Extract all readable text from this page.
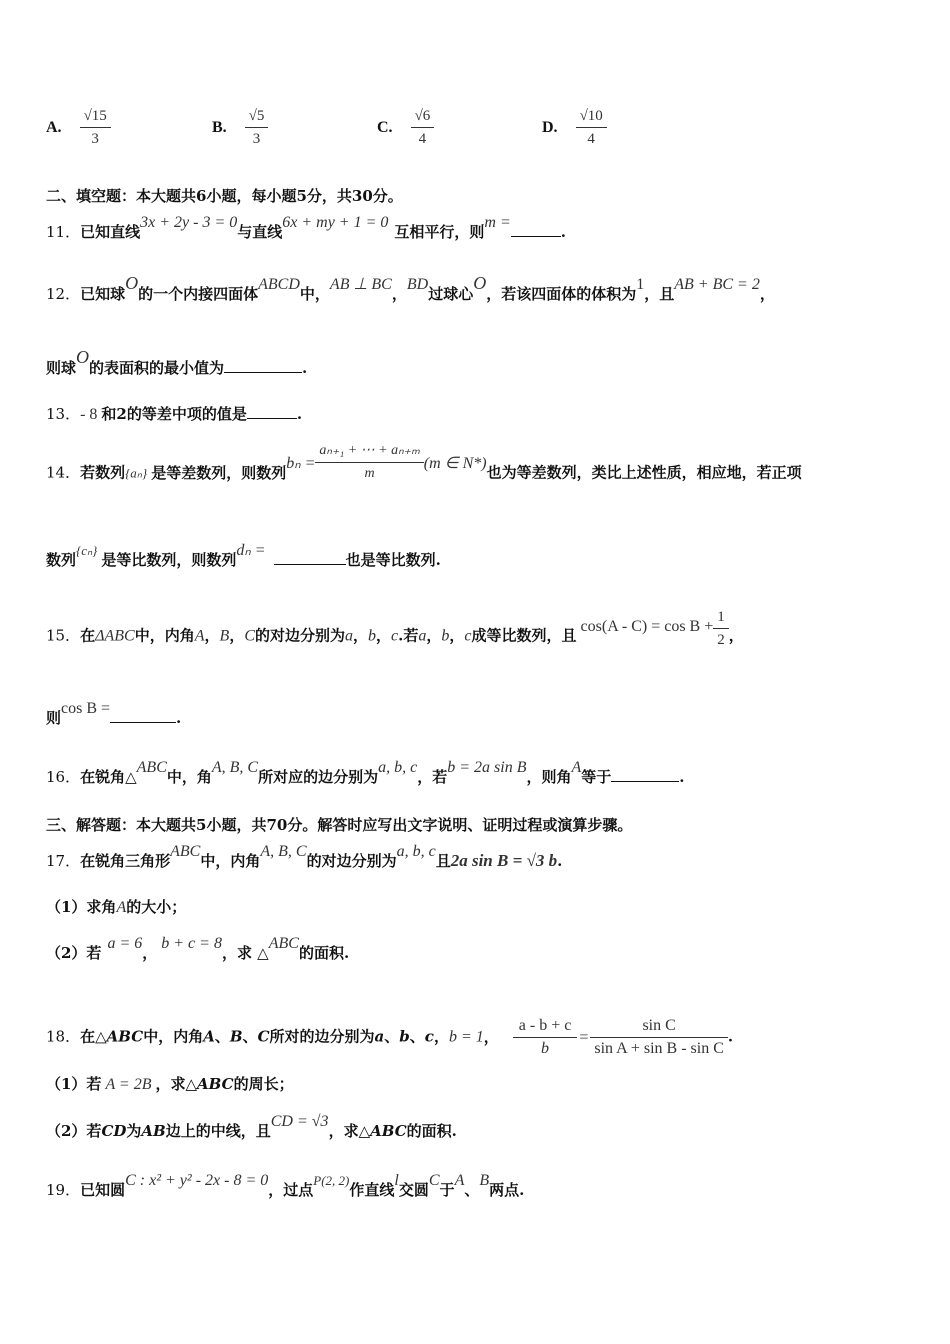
A. $\frac{√15}{3}$	B. $\frac{√5}{3}$	C. $\frac{√6}{4}$	D. $\frac{√10}{4}$
二、填空题：本大题共6小题，每小题5分，共30分。
11．已知直线3x + 2y - 3 = 0与直线6x + my + 1 = 0互相平行，则m =.
12．已知球O的一个内接四面体ABCD中，AB ⊥ BC，BD过球心O，若该四面体的体积为1，且AB + BC = 2，
则球O的表面积的最小值为	.
13．- 8 和2的等差中项的值是	.
14．若数列{aₙ} 是等差数列，则数列$b_n = \frac{\text{aₙ₊₁ + ⋯ + aₙ₊ₘ}}{m} (m$ ∈ N*)也为等差数列，类比上述性质，相应地，若正项
数列{cₙ}是等比数列，则数列dₙ =也是等比数列.
15．在ΔABC中，内角A，B，C的对边分别为a，b，c.若a，b，c成等比数列，且$\cos(A - C) = \cos B + \frac{1}{2}$ ，
则cos B =.
16．在锐角△ABC中，角A, B, C所对应的边分别为a, b, c，若b = 2a sin B，则角A等于	.
三、解答题：本大题共5小题，共70分。解答时应写出文字说明、证明过程或演算步骤。
17．在锐角三角形ABC中，内角A, B, C的对边分别为a, b, c且2a sin B = √3 b.
（1）求角A的大小；
（2）若a = 6，b + c = 8，求 △ABC的面积.
18．在△ABC中，内角A、B、C所对的边分别为a、b、c，b = 1， $\frac{a - b + c}{b} = \frac{\text{sin C}}{\text{sin A + sin B - sin C}}$ .
（1）若 A = 2B ，求△ABC的周长；
（2）若CD为AB边上的中线，且CD = √3，求△ABC的面积.
19．已知圆C : x² + y² - 2x - 8 = 0，过点P(2, 2)作直线l交圆C于A、B两点.
